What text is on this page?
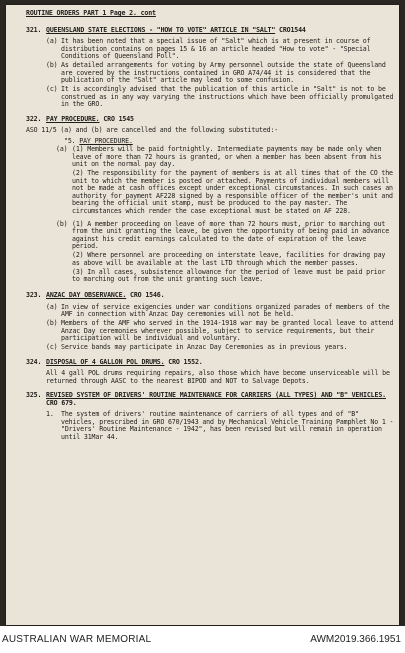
ROUTINE ORDERS PART 1 Page 2. cont
321. QUEENSLAND STATE ELECTIONS - "HOW TO VOTE" ARTICLE IN "SALT" CRO1544
(a) It has been noted that a special issue of "Salt" which is at present in course of distribution contains on pages 15 & 16 an article headed "How to vote" - "Special Conditions of Queensland Poll".
(b) As detailed arrangements for voting by Army personnel outside the state of Queensland are covered by the instructions contained in GRO A74/44 it is considered that the publication of the "Salt" article may lead to some confusion.
(c) It is accordingly advised that the publication of this article in "Salt" is not to be construed as in any way varying the instructions which have been officially promulgated in the GRO.
322. PAY PROCEDURE. CRO 1545
ASO 11/5 (a) and (b) are cancelled and the following substituted:-
"5. PAY PROCEDURE.
(a) (1) Members will be paid fortnightly. Intermediate payments may be made only when leave of more than 72 hours is granted, or when a member has been absent from his unit on the normal pay day.

(2) The responsibility for the payment of members is at all times that of the CO the unit to which the member is posted or attached. Payments of individual members will not be made at cash offices except under exceptional circumstances. In such cases an authority for payment AF228 signed by a responsible officer of the member's unit and bearing the official unit stamp, must be produced to the pay master. The circumstances which render the case exceptional must be stated on AF 228.

(b) (1) A member proceeding on leave of more than 72 hours must, prior to marching out from the unit granting the leave, be given the opportunity of being paid in advance against his credit earnings calculated to the date of expiration of the leave period.

(2) Where personnel are proceeding on interstate leave, facilities for drawing pay as above will be available at the last LTD through which the member passes.

(3) In all cases, subsistence allowance for the period of leave must be paid prior to marching out from the unit granting such leave.

323. ANZAC DAY OBSERVANCE. CRO 1546.
(a) In view of service exigencies under war conditions organized parades of members of the AMF in connection with Anzac Day ceremonies will not be held.
(b) Members of the AMF who served in the 1914-1918 war may be granted local leave to attend Anzac Day ceremonies wherever possible, subject to service requirements, but their participation will be individual and voluntary.
(c) Service bands may participate in Anzac Day Ceremonies as in previous years.
324. DISPOSAL OF 4 GALLON POL DRUMS. CRO 1552.
All 4 gall POL drums requiring repairs, also those which have become unserviceable will be returned through AASC to the nearest BIPOD and NOT to Salvage Depots.
325. REVISED SYSTEM OF DRIVERS' ROUTINE MAINTENANCE FOR CARRIERS (ALL TYPES) AND "B" VEHICLES. CRO 679.
1.	The system of drivers' routine maintenance of carriers of all types and of "B" vehicles, prescribed in GRO 670/1943 and by Mechanical Vehicle Training Pamphlet No 1 - "Drivers' Routine Maintenance - 1942", has been revised but will remain in operation until 31Mar 44.
AUSTRALIAN WAR MEMORIAL	AWM2019.366.1951
